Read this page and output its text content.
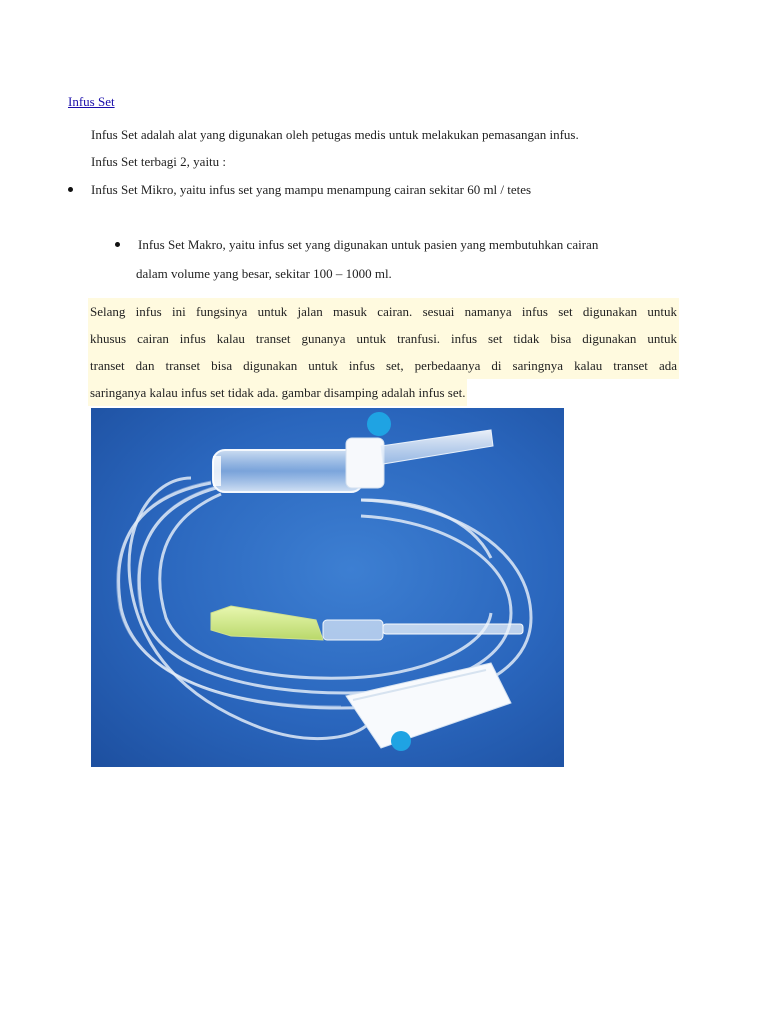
Infus Set
Infus Set adalah alat yang digunakan oleh petugas medis untuk melakukan pemasangan infus.
Infus Set terbagi 2, yaitu :
Infus Set Mikro, yaitu infus set yang mampu menampung cairan sekitar 60 ml / tetes
Infus Set Makro, yaitu infus set yang digunakan untuk pasien yang membutuhkan cairan
dalam volume yang besar, sekitar 100 – 1000 ml.
Selang infus ini fungsinya untuk jalan masuk cairan. sesuai namanya infus set digunakan untuk
khusus cairan infus kalau transet gunanya untuk tranfusi. infus set tidak bisa digunakan untuk
transet dan transet bisa digunakan untuk infus set, perbedaanya di saringnya kalau transet ada
saringanya kalau infus set tidak ada. gambar disamping adalah infus set.
